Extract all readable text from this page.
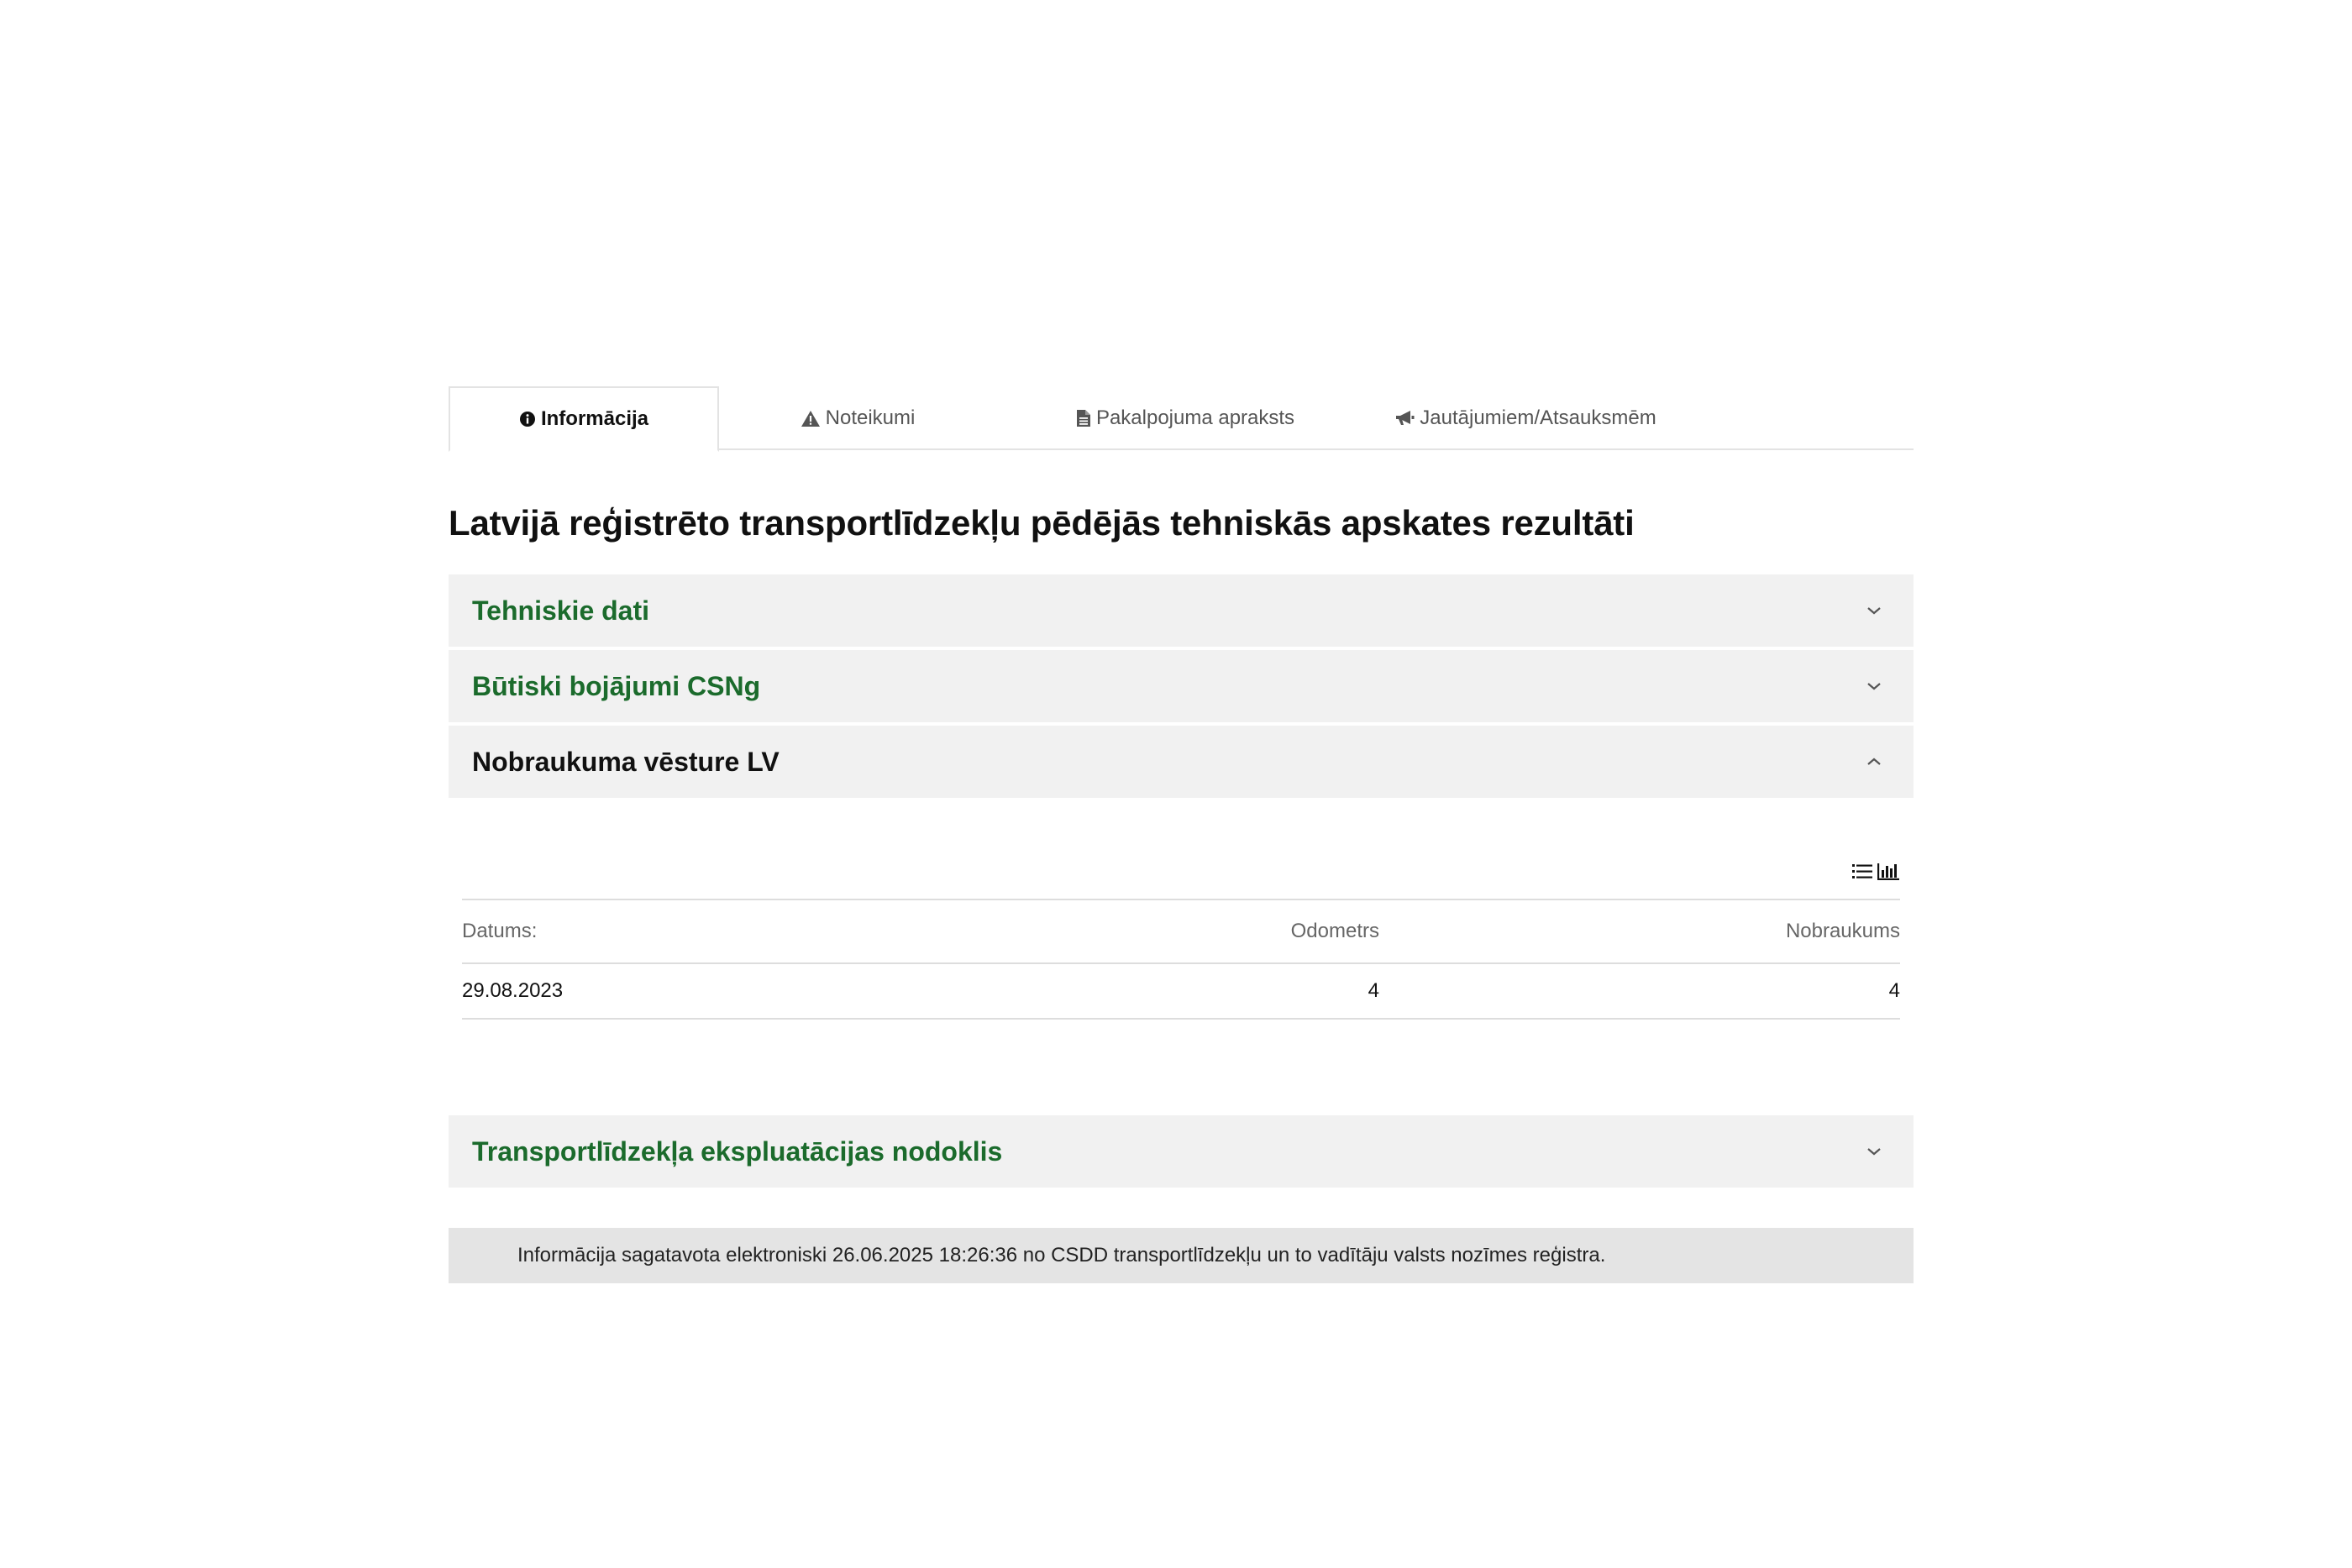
Informācija	Noteikumi	Pakalpojuma apraksts	Jautājumiem/Atsauksmēm
Latvijā reģistrēto transportlīdzekļu pēdējās tehniskās apskates rezultāti
Tehniskie dati
Būtiski bojājumi CSNg
Nobraukuma vēsture LV
Datums:	Odometrs	Nobraukums
29.08.2023	4	4
Transportlīdzekļa ekspluatācijas nodoklis
Informācija sagatavota elektroniski 26.06.2025 18:26:36 no CSDD transportlīdzekļu un to vadītāju valsts nozīmes reģistra.
